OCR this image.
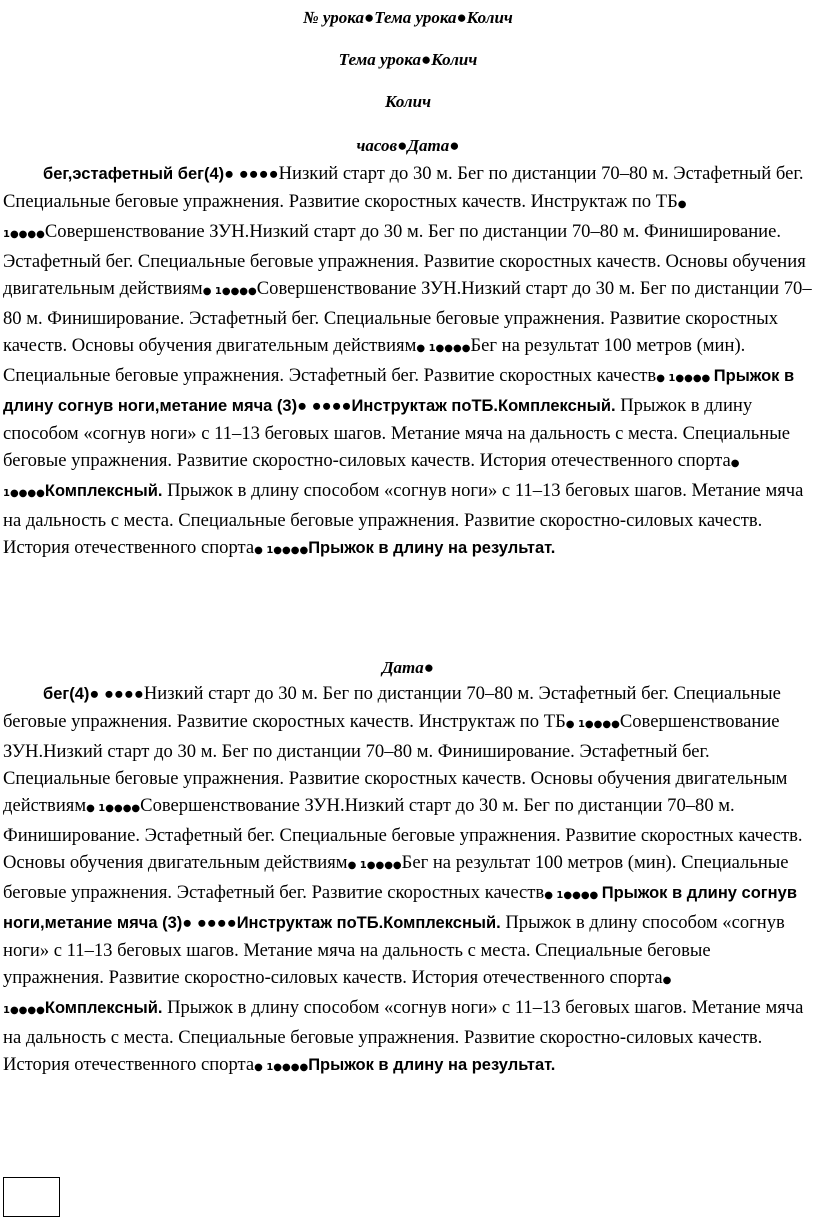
№ урока●Тема урока●Колич
Тема урока●Колич
Колич
часов●Дата●

бег,эстафетный бег(4)● ●●●●Низкий старт до 30 м. Бег по дистанции 70–80 м. Эстафетный бег. Специальные беговые упражнения. Развитие скоростных качеств. Инструктаж по ТБ● 1●●●●Совершенствование ЗУН.Низкий старт до 30 м. Бег по дистанции 70–80 м. Финиширование. Эстафетный бег. Специальные беговые упражнения. Развитие скоростных качеств. Основы обучения двигательным действиям● 1●●●●Совершенствование ЗУН.Низкий старт до 30 м. Бег по дистанции 70–80 м. Финиширование. Эстафетный бег. Специальные беговые упражнения. Развитие скоростных качеств. Основы обучения двигательным действиям● 1●●●●Бег на результат 100 метров (мин). Специальные беговые упражнения. Эстафетный бег. Развитие скоростных качеств● 1●●●● Прыжок в длину согнув ноги,метание мяча (3)● ●●●●Инструктаж поТБ.Комплексный. Прыжок в длину способом «согнув ноги» с 11–13 беговых шагов. Метание мяча на дальность с места. Специальные беговые упражнения. Развитие скоростно-силовых качеств. История отечественного спорта● 1●●●●Комплексный. Прыжок в длину способом «согнув ноги» с 11–13 беговых шагов. Метание мяча на дальность с места. Специальные беговые упражнения. Развитие скоростно-силовых качеств. История отечественного спорта● 1●●●●Прыжок в длину на результат.

Дата●

бег(4)● ●●●●Низкий старт до 30 м. Бег по дистанции 70–80 м. Эстафетный бег. Специальные беговые упражнения. Развитие скоростных качеств. Инструктаж по ТБ● 1●●●●Совершенствование ЗУН.Низкий старт до 30 м. Бег по дистанции 70–80 м. Финиширование. Эстафетный бег. Специальные беговые упражнения. Развитие скоростных качеств. Основы обучения двигательным действиям● 1●●●●Совершенствование ЗУН.Низкий старт до 30 м. Бег по дистанции 70–80 м. Финиширование. Эстафетный бег. Специальные беговые упражнения. Развитие скоростных качеств. Основы обучения двигательным действиям● 1●●●●Бег на результат 100 метров (мин). Специальные беговые упражнения. Эстафетный бег. Развитие скоростных качеств● 1●●●● Прыжок в длину согнув ноги,метание мяча (3)● ●●●●Инструктаж поТБ.Комплексный. Прыжок в длину способом «согнув ноги» с 11–13 беговых шагов. Метание мяча на дальность с места. Специальные беговые упражнения. Развитие скоростно-силовых качеств. История отечественного спорта● 1●●●●Комплексный. Прыжок в длину способом «согнув ноги» с 11–13 беговых шагов. Метание мяча на дальность с места. Специальные беговые упражнения. Развитие скоростно-силовых качеств. История отечественного спорта● 1●●●●Прыжок в длину на результат.
